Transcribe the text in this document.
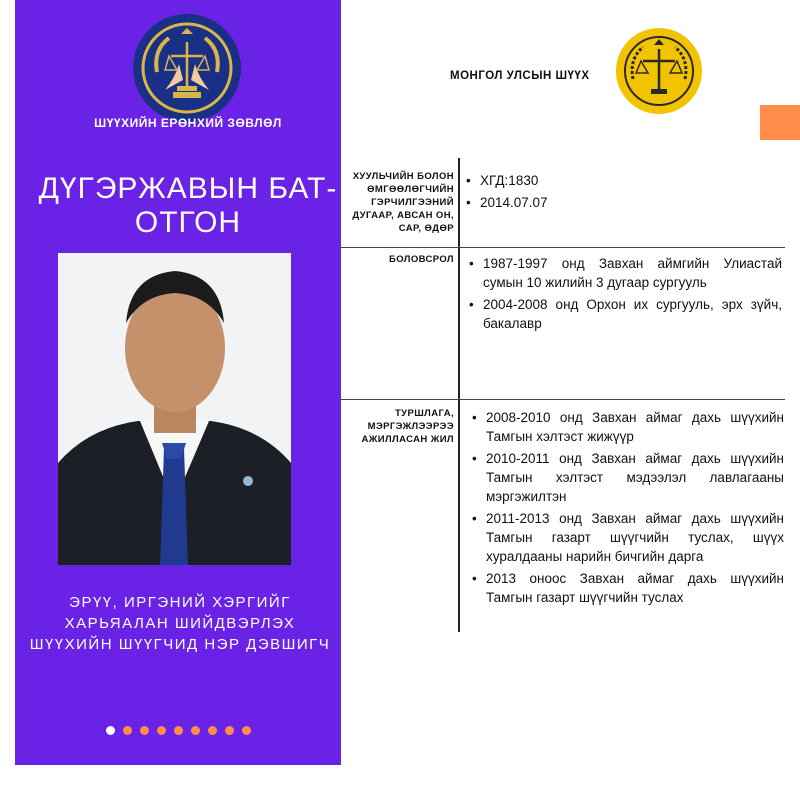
ШҮҮХИЙН ЕРӨНХИЙ ЗӨВЛӨЛ
ДҮГЭРЖАВЫН БАТ-ОТГОН
ЭРҮҮ, ИРГЭНИЙ ХЭРГИЙГ ХАРЬЯАЛАН ШИЙДВЭРЛЭХ ШҮҮХИЙН ШҮҮГЧИД НЭР ДЭВШИГЧ
МОНГОЛ УЛСЫН ШҮҮХ
ХУУЛЬЧИЙН БОЛОН ӨМГӨӨЛӨГЧИЙН ГЭРЧИЛГЭЭНИЙ ДУГААР, АВСАН ОН, САР, ӨДӨР
• ХГД:1830
• 2014.07.07
БОЛОВСРОЛ
•	1987-1997 онд Завхан аймгийн Улиастай сумын 10 жилийн 3 дугаар сургууль
• 2004-2008 онд Орхон их сургууль, эрх зүйч, бакалавр
ТУРШЛАГА, МЭРГЭЖЛЭЭРЭЭ АЖИЛЛАСАН ЖИЛ
• 2008-2010 онд Завхан аймаг дахь шүүхийн Тамгын хэлтэст жижүүр
• 2010-2011 онд Завхан аймаг дахь шүүхийн Тамгын хэлтэст мэдээлэл лавлагааны мэргэжилтэн
• 2011-2013 онд Завхан аймаг дахь шүүхийн Тамгын газарт шүүгчийн туслах, шүүх хуралдааны нарийн бичгийн дарга
• 2013 оноос Завхан аймаг дахь шүүхийн Тамгын газарт шүүгчийн туслах
